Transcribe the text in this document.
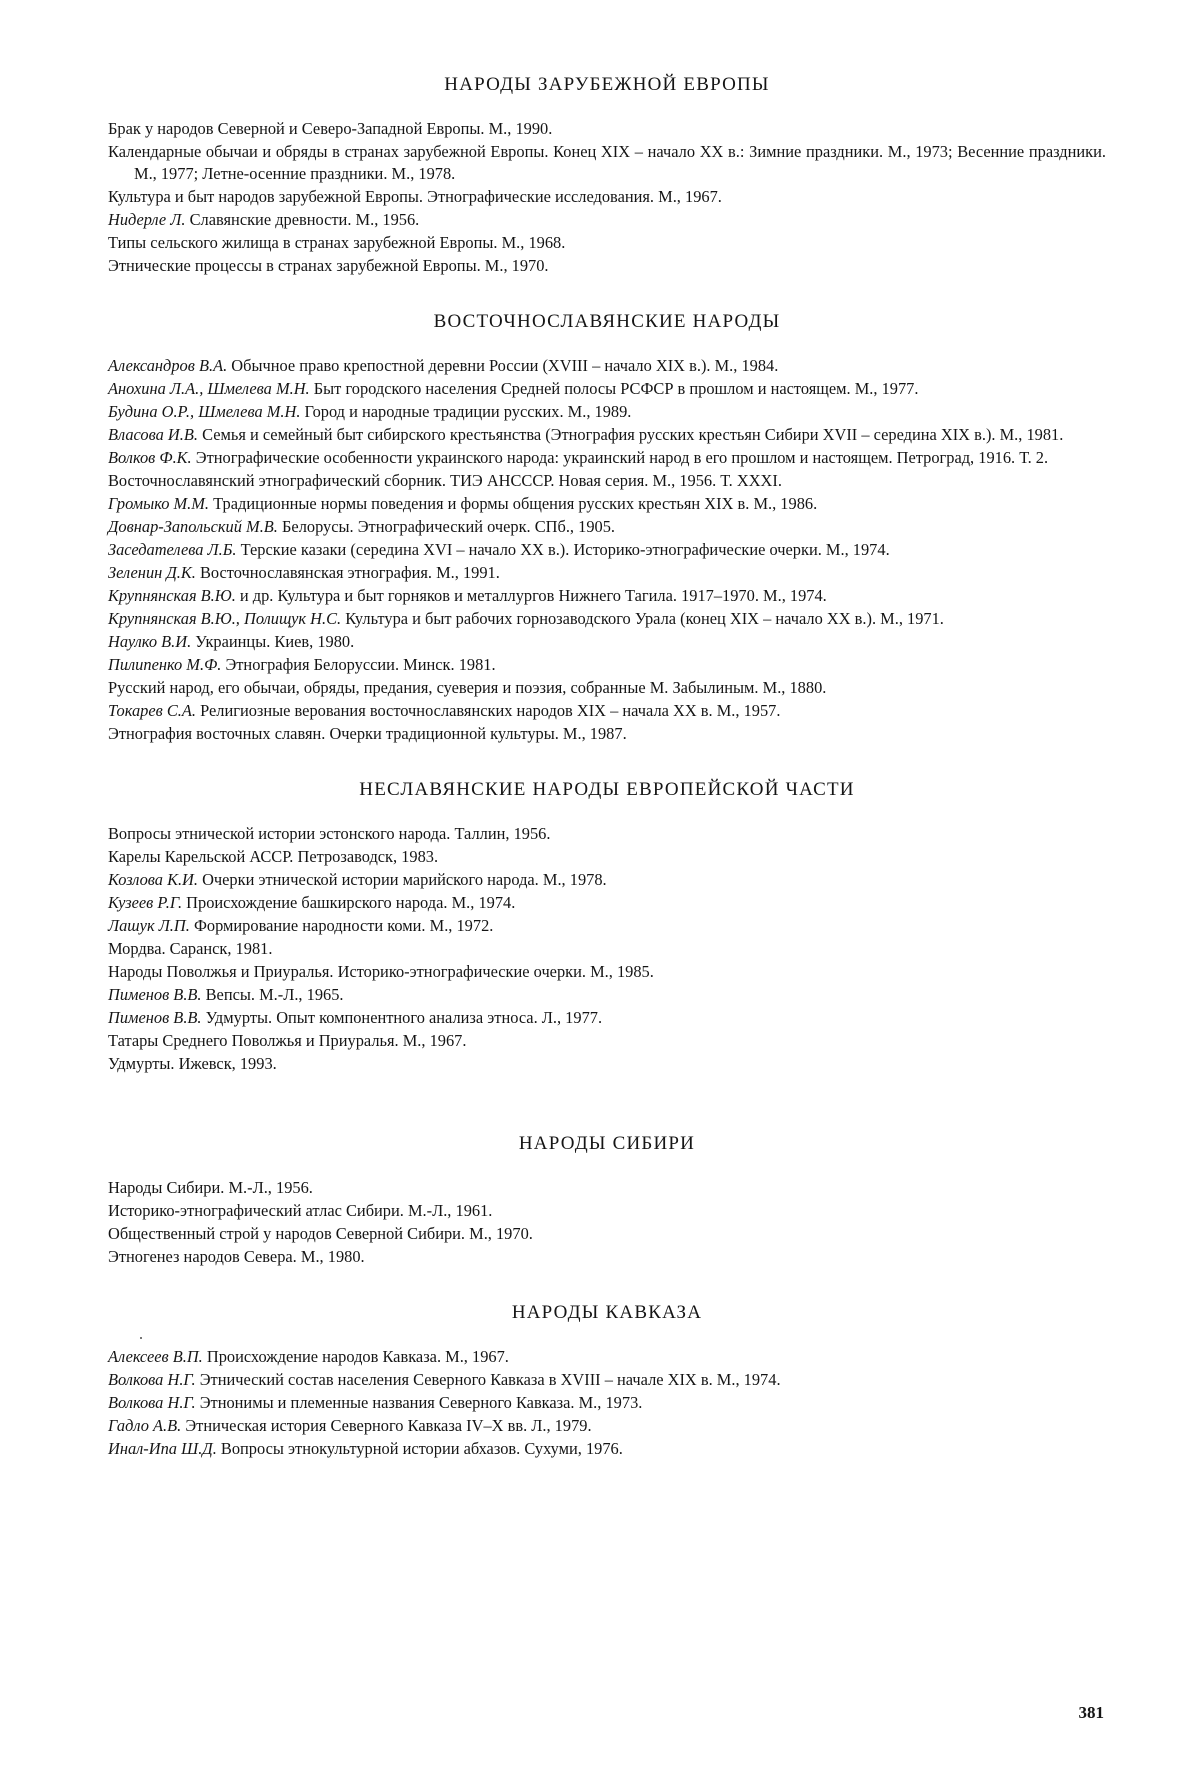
НАРОДЫ ЗАРУБЕЖНОЙ ЕВРОПЫ
Брак у народов Северной и Северо-Западной Европы. М., 1990.
Календарные обычаи и обряды в странах зарубежной Европы. Конец XIX – начало XX в.: Зимние праздники. М., 1973; Весенние праздники. М., 1977; Летне-осенние праздники. М., 1978.
Культура и быт народов зарубежной Европы. Этнографические исследования. М., 1967.
Нидерле Л. Славянские древности. М., 1956.
Типы сельского жилища в странах зарубежной Европы. М., 1968.
Этнические процессы в странах зарубежной Европы. М., 1970.
ВОСТОЧНОСЛАВЯНСКИЕ НАРОДЫ
Александров В.А. Обычное право крепостной деревни России (XVIII – начало XIX в.). М., 1984.
Анохина Л.А., Шмелева М.Н. Быт городского населения Средней полосы РСФСР в прошлом и настоящем. М., 1977.
Будина О.Р., Шмелева М.Н. Город и народные традиции русских. М., 1989.
Власова И.В. Семья и семейный быт сибирского крестьянства (Этнография русских крестьян Сибири XVII – середина XIX в.). М., 1981.
Волков Ф.К. Этнографические особенности украинского народа: украинский народ в его прошлом и настоящем. Петроград, 1916. Т. 2.
Восточнославянский этнографический сборник. ТИЭ АНСССР. Новая серия. М., 1956. Т. XXXI.
Громыко М.М. Традиционные нормы поведения и формы общения русских крестьян XIX в. М., 1986.
Довнар-Запольский М.В. Белорусы. Этнографический очерк. СПб., 1905.
Заседателева Л.Б. Терские казаки (середина XVI – начало XX в.). Историко-этнографические очерки. М., 1974.
Зеленин Д.К. Восточнославянская этнография. М., 1991.
Крупнянская В.Ю. и др. Культура и быт горняков и металлургов Нижнего Тагила. 1917–1970. М., 1974.
Крупнянская В.Ю., Полищук Н.С. Культура и быт рабочих горнозаводского Урала (конец XIX – начало XX в.). М., 1971.
Наулко В.И. Украинцы. Киев, 1980.
Пилипенко М.Ф. Этнография Белоруссии. Минск. 1981.
Русский народ, его обычаи, обряды, предания, суеверия и поэзия, собранные М. Забылиным. М., 1880.
Токарев С.А. Религиозные верования восточнославянских народов XIX – начала XX в. М., 1957.
Этнография восточных славян. Очерки традиционной культуры. М., 1987.
НЕСЛАВЯНСКИЕ НАРОДЫ ЕВРОПЕЙСКОЙ ЧАСТИ
Вопросы этнической истории эстонского народа. Таллин, 1956.
Карелы Карельской АССР. Петрозаводск, 1983.
Козлова К.И. Очерки этнической истории марийского народа. М., 1978.
Кузеев Р.Г. Происхождение башкирского народа. М., 1974.
Лашук Л.П. Формирование народности коми. М., 1972.
Мордва. Саранск, 1981.
Народы Поволжья и Приуралья. Историко-этнографические очерки. М., 1985.
Пименов В.В. Вепсы. М.-Л., 1965.
Пименов В.В. Удмурты. Опыт компонентного анализа этноса. Л., 1977.
Татары Среднего Поволжья и Приуралья. М., 1967.
Удмурты. Ижевск, 1993.
НАРОДЫ СИБИРИ
Народы Сибири. М.-Л., 1956.
Историко-этнографический атлас Сибири. М.-Л., 1961.
Общественный строй у народов Северной Сибири. М., 1970.
Этногенез народов Севера. М., 1980.
НАРОДЫ КАВКАЗА
Алексеев В.П. Происхождение народов Кавказа. М., 1967.
Волкова Н.Г. Этнический состав населения Северного Кавказа в XVIII – начале XIX в. М., 1974.
Волкова Н.Г. Этнонимы и племенные названия Северного Кавказа. М., 1973.
Гадло А.В. Этническая история Северного Кавказа IV–X вв. Л., 1979.
Инал-Ипа Ш.Д. Вопросы этнокультурной истории абхазов. Сухуми, 1976.
381
